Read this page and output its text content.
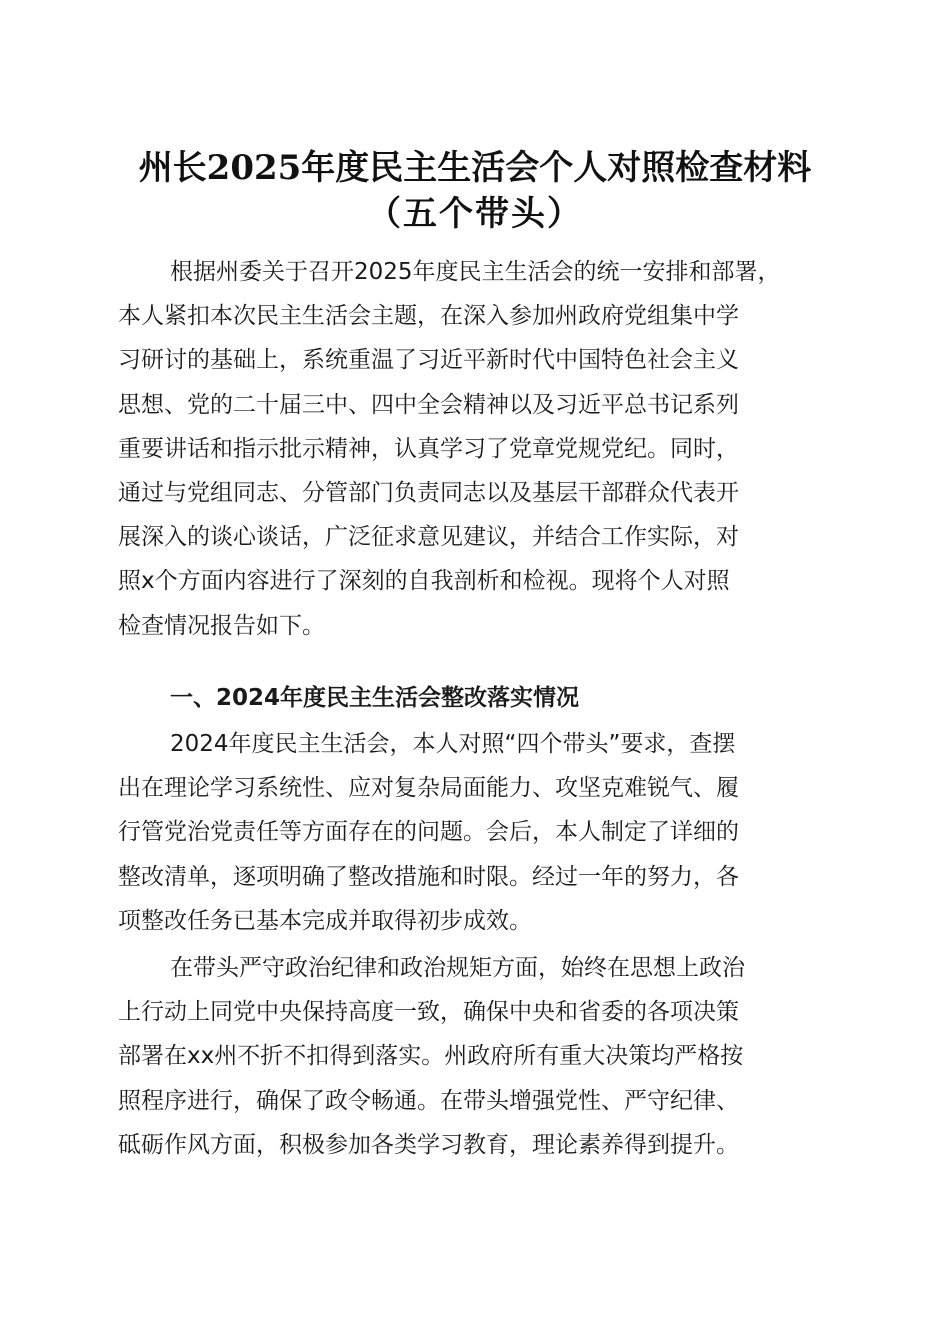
州长2025年度民主生活会个人对照检查材料
（五个带头）
根据州委关于召开2025年度民主生活会的统一安排和部署，
本人紧扣本次民主生活会主题，在深入参加州政府党组集中学
习研讨的基础上，系统重温了习近平新时代中国特色社会主义
思想、党的二十届三中、四中全会精神以及习近平总书记系列
重要讲话和指示批示精神，认真学习了党章党规党纪。同时，
通过与党组同志、分管部门负责同志以及基层干部群众代表开
展深入的谈心谈话，广泛征求意见建议，并结合工作实际，对
照x个方面内容进行了深刻的自我剖析和检视。现将个人对照
检查情况报告如下。
一、2024年度民主生活会整改落实情况
2024年度民主生活会，本人对照“四个带头”要求，查摆
出在理论学习系统性、应对复杂局面能力、攻坚克难锐气、履
行管党治党责任等方面存在的问题。会后，本人制定了详细的
整改清单，逐项明确了整改措施和时限。经过一年的努力，各
项整改任务已基本完成并取得初步成效。
在带头严守政治纪律和政治规矩方面，始终在思想上政治
上行动上同党中央保持高度一致，确保中央和省委的各项决策
部署在xx州不折不扣得到落实。州政府所有重大决策均严格按
照程序进行，确保了政令畅通。在带头增强党性、严守纪律、
砥砺作风方面，积极参加各类学习教育，理论素养得到提升。
